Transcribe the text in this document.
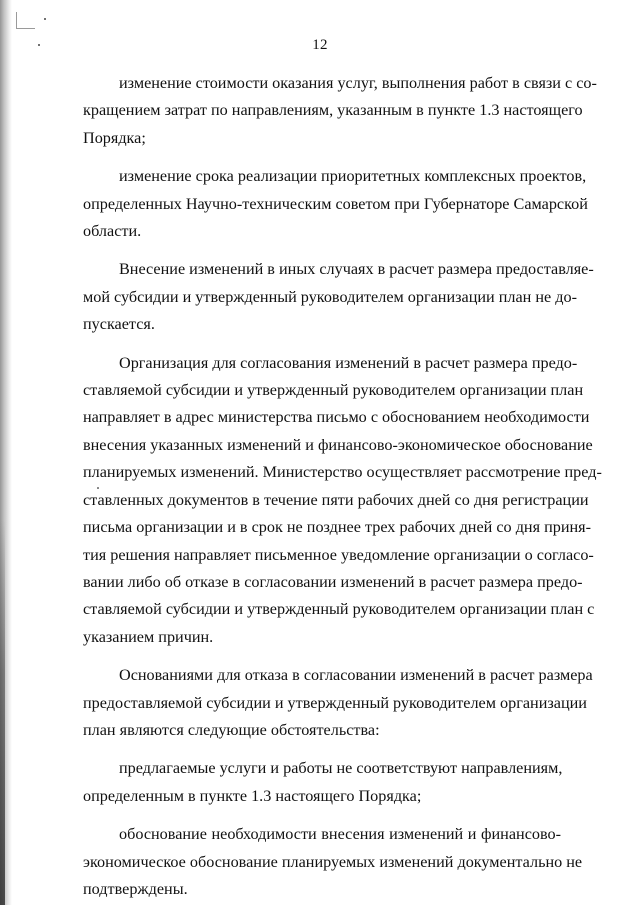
12
изменение стоимости оказания услуг, выполнения работ в связи с со-
кращением затрат по направлениям, указанным в пункте 1.3 настоящего
Порядка;
изменение срока реализации приоритетных комплексных проектов,
определенных Научно-техническим советом при Губернаторе Самарской
области.
Внесение изменений в иных случаях в расчет размера предоставляе-
мой субсидии и утвержденный руководителем организации план не до-
пускается.
Организация для согласования изменений в расчет размера предо-
ставляемой субсидии и утвержденный руководителем организации план
направляет в адрес министерства письмо с обоснованием необходимости
внесения указанных изменений и финансово-экономическое обоснование
планируемых изменений. Министерство осуществляет рассмотрение пред-
ставленных документов в течение пяти рабочих дней со дня регистрации
письма организации и в срок не позднее трех рабочих дней со дня приня-
тия решения направляет письменное уведомление организации о согласо-
вании либо об отказе в согласовании изменений в расчет размера предо-
ставляемой субсидии и утвержденный руководителем организации план с
указанием причин.
Основаниями для отказа в согласовании изменений в расчет размера
предоставляемой субсидии и утвержденный руководителем организации
план являются следующие обстоятельства:
предлагаемые услуги и работы не соответствуют направлениям,
определенным в пункте 1.3 настоящего Порядка;
обоснование необходимости внесения изменений и финансово-
экономическое обоснование планируемых изменений документально не
подтверждены.
